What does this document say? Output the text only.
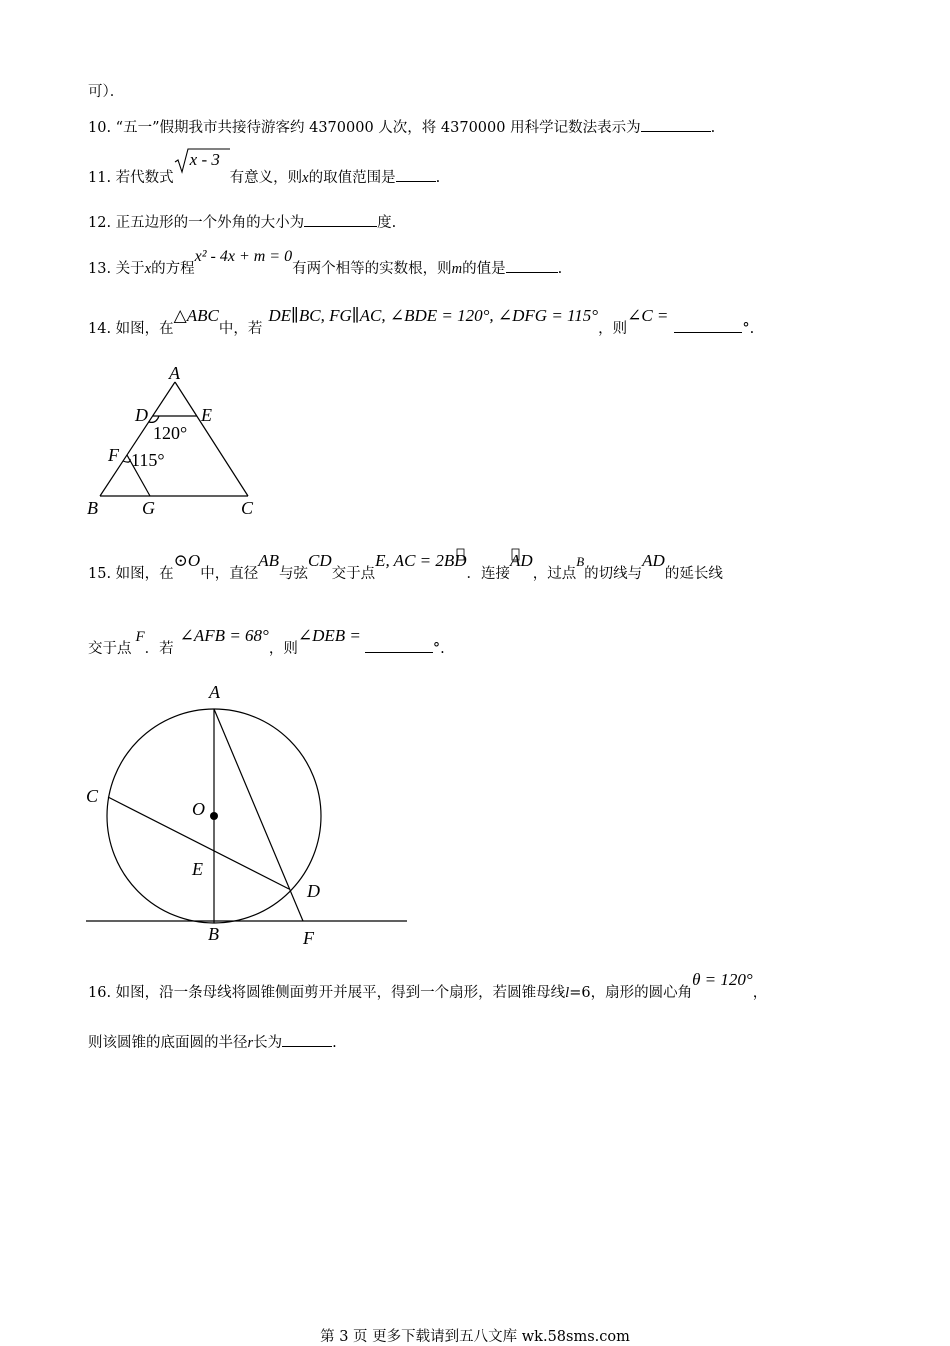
可）．
10. “五一”假期我市共接待游客约 4370000 人次，将 4370000 用科学记数法表示为	.
11. 若代数式
x - 3
有意义，则x的取值范围是	.
12. 正五边形的一个外角的大小为	度.
13. 关于x的方程x² - 4x + m = 0有两个相等的实数根，则m的值是	.
14. 如图，在△ABC中，若DE∥BC, FG∥AC, ∠BDE = 120°, ∠DFG = 115°，则∠C =°.
A
D	E
F
B G	C
120°
115°
15. 如图，在⊙O中，直径AB与弦CD交于点E, AC = 2BD．连接AD，过点B的切线与AD的延长线
交于点F．若∠AFB = 68°，则∠DEB =°.
A
C
O
E
D
B	F
16. 如图，沿一条母线将圆锥侧面剪开并展平，得到一个扇形，若圆锥母线l=6，扇形的圆心角θ = 120°，
则该圆锥的底面圆的半径r长为	.
第 3 页 更多下载请到五八文库 wk.58sms.com
